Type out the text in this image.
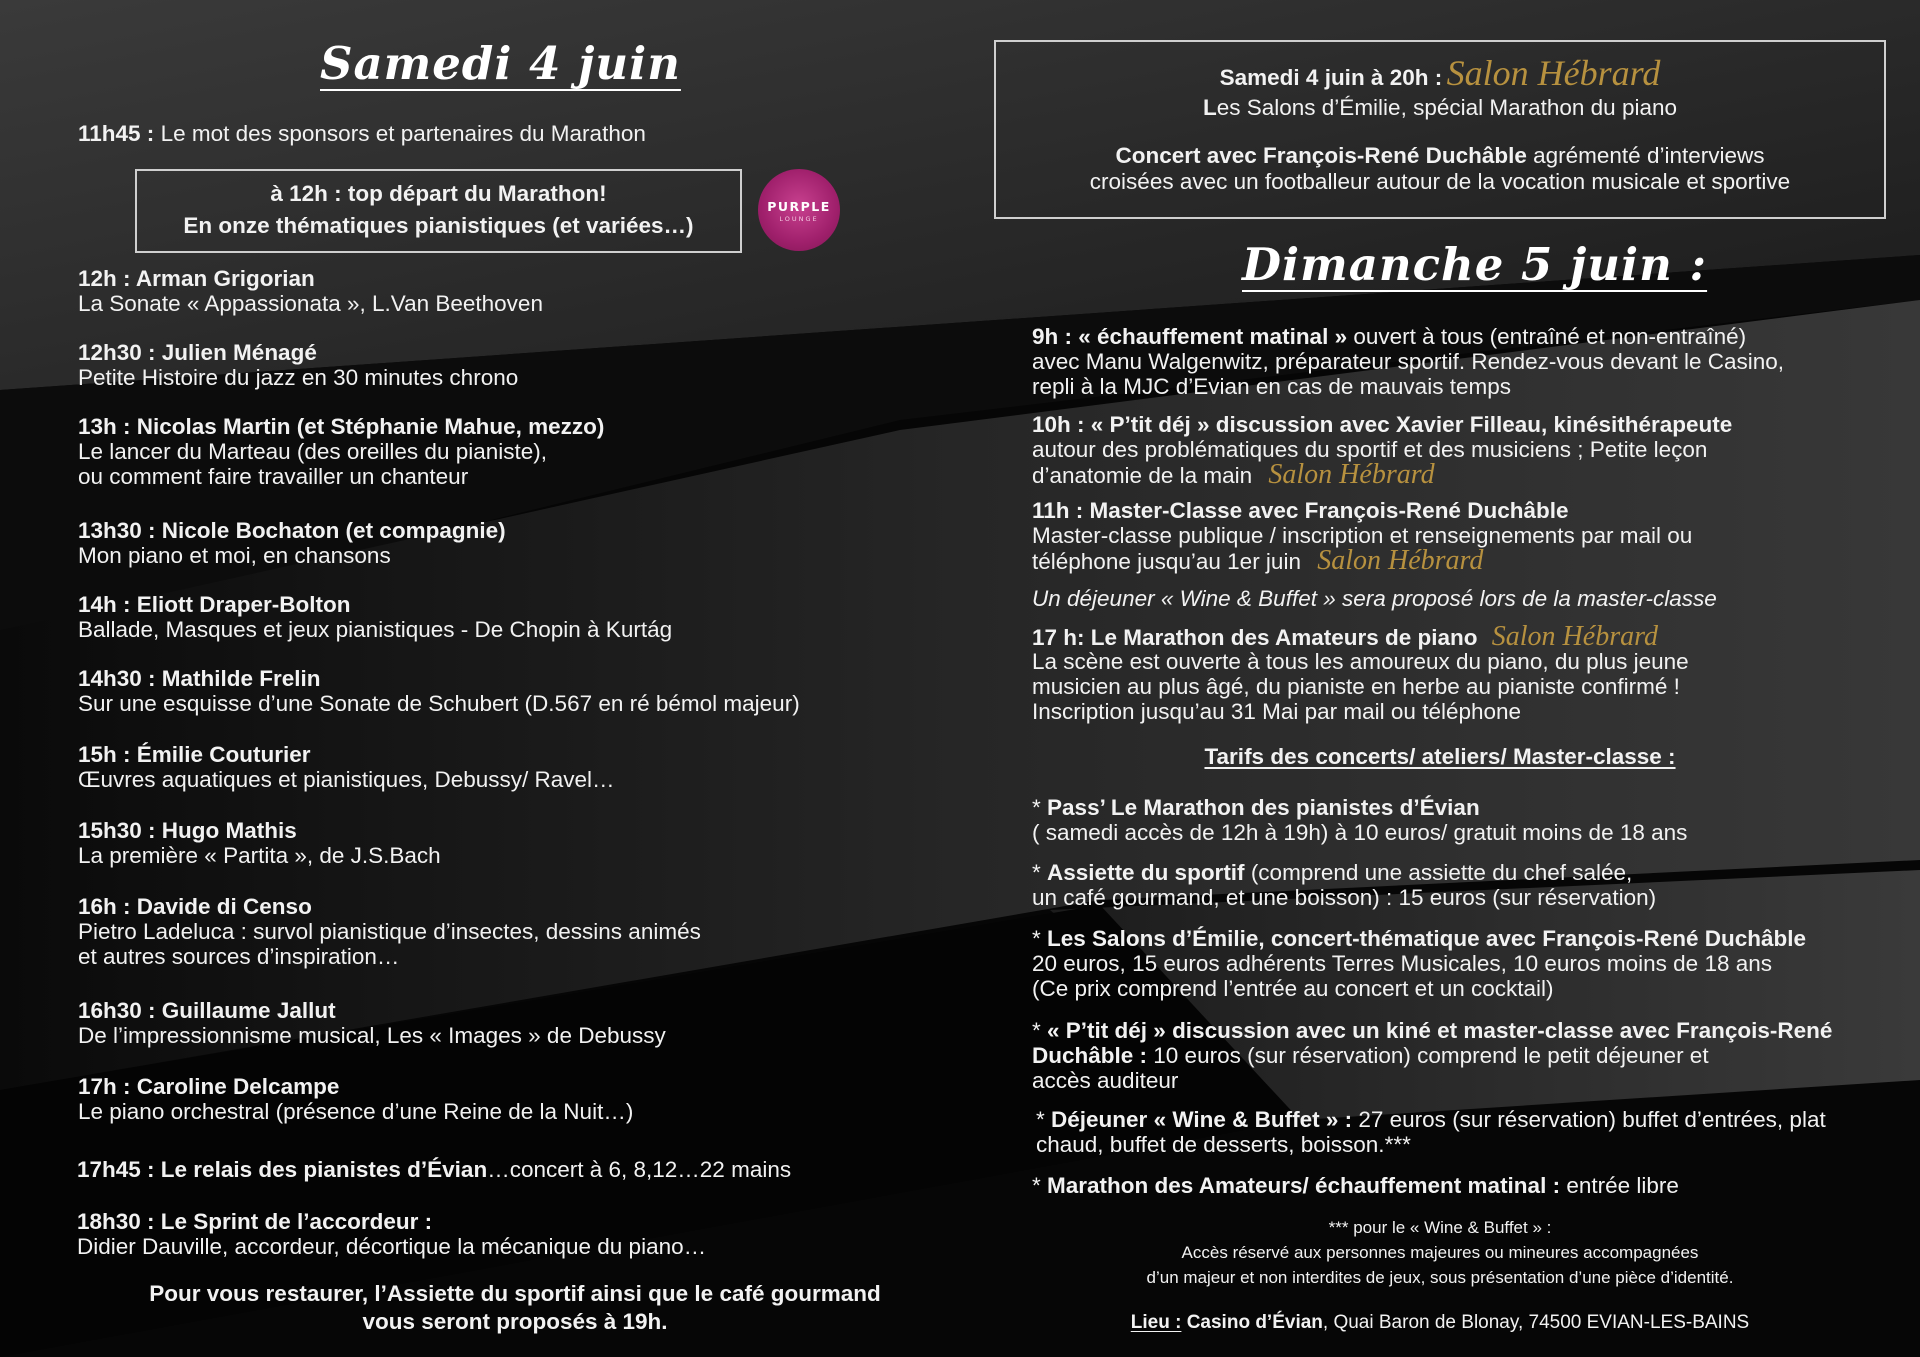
Samedi 4 juin
11h45 : Le mot des sponsors et partenaires du Marathon
à 12h : top départ du Marathon!
En onze thématiques pianistiques (et variées…)
PURPLE
LOUNGE
12h : Arman Grigorian
La Sonate « Appassionata », L.Van Beethoven
12h30 : Julien Ménagé
Petite Histoire du jazz en 30 minutes chrono
13h : Nicolas Martin (et Stéphanie Mahue, mezzo)
Le lancer du Marteau (des oreilles du pianiste),
ou comment faire travailler un chanteur
13h30 : Nicole Bochaton (et compagnie)
Mon piano et moi, en chansons
14h : Eliott Draper-Bolton
Ballade, Masques et jeux pianistiques - De Chopin à Kurtág
14h30 : Mathilde Frelin
Sur une esquisse d’une Sonate de Schubert (D.567 en ré bémol majeur)
15h : Émilie Couturier
Œuvres aquatiques et pianistiques, Debussy/ Ravel…
15h30 : Hugo Mathis
La première « Partita », de J.S.Bach
16h : Davide di Censo
Pietro Ladeluca : survol pianistique d’insectes, dessins animés
et autres sources d’inspiration…
16h30 : Guillaume Jallut
De l’impressionnisme musical, Les « Images » de Debussy
17h : Caroline Delcampe
Le piano orchestral (présence d’une Reine de la Nuit…)
17h45 : Le relais des pianistes d’Évian…concert à 6, 8,12…22 mains
18h30 : Le Sprint de l’accordeur :
Didier Dauville, accordeur, décortique la mécanique du piano…
Pour vous restaurer, l’Assiette du sportif ainsi que le café gourmand
vous seront proposés à 19h.
Samedi 4 juin à 20h : Salon Hébrard
Les Salons d’Émilie, spécial Marathon du piano
Concert avec François-René Duchâble agrémenté d’interviews
croisées avec un footballeur autour de la vocation musicale et sportive
Dimanche 5 juin :
9h : « échauffement matinal » ouvert à tous (entraîné et non-entraîné)
avec Manu Walgenwitz, préparateur sportif. Rendez-vous devant le Casino,
repli à la MJC d’Evian en cas de mauvais temps
10h : « P’tit déj » discussion avec Xavier Filleau, kinésithérapeute
autour des problématiques du sportif et des musiciens ; Petite leçon
d’anatomie de la main Salon Hébrard
11h : Master-Classe avec François-René Duchâble
Master-classe publique / inscription et renseignements par mail ou
téléphone jusqu’au 1er juin Salon Hébrard
Un déjeuner « Wine & Buffet » sera proposé lors de la master-classe
17 h: Le Marathon des Amateurs de piano Salon Hébrard
La scène est ouverte à tous les amoureux du piano, du plus jeune
musicien au plus âgé, du pianiste en herbe au pianiste confirmé !
Inscription jusqu’au 31 Mai par mail ou téléphone
Tarifs des concerts/ ateliers/ Master-classe :
* Pass’ Le Marathon des pianistes d’Évian
( samedi accès de 12h à 19h) à 10 euros/ gratuit moins de 18 ans
* Assiette du sportif (comprend une assiette du chef salée,
un café gourmand, et une boisson) : 15 euros (sur réservation)
* Les Salons d’Émilie, concert-thématique avec François-René Duchâble
20 euros, 15 euros adhérents Terres Musicales, 10 euros moins de 18 ans
(Ce prix comprend l’entrée au concert et un cocktail)
* « P’tit déj » discussion avec un kiné et master-classe avec François-René
Duchâble : 10 euros (sur réservation) comprend le petit déjeuner et
accès auditeur
* Déjeuner « Wine & Buffet » : 27 euros (sur réservation) buffet d’entrées, plat
chaud, buffet de desserts, boisson.***
* Marathon des Amateurs/ échauffement matinal : entrée libre
*** pour le « Wine & Buffet » :
Accès réservé aux personnes majeures ou mineures accompagnées
d’un majeur et non interdites de jeux, sous présentation d’une pièce d’identité.
Lieu : Casino d’Évian, Quai Baron de Blonay, 74500 EVIAN-LES-BAINS
